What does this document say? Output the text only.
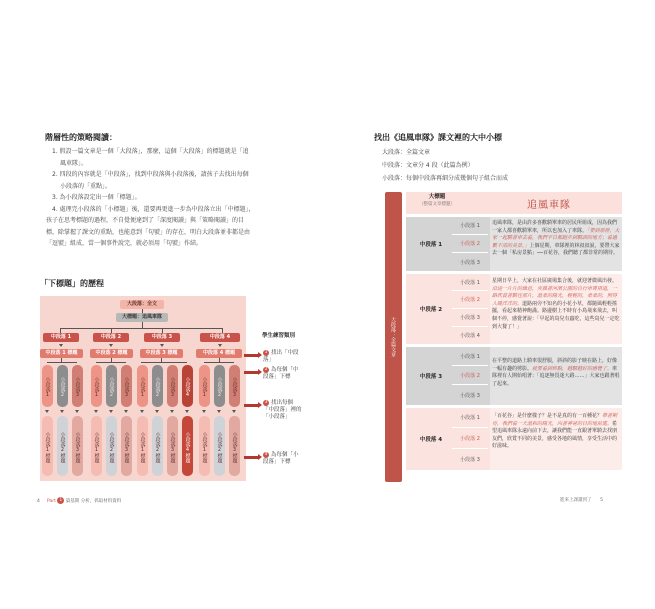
階層性的策略閱讀：
1. 假設一篇文章是一個「大段落」，那麼，這個「大段落」的標題就是「追
風車隊」。
2. 四段的內容就是「中段落」，找到中段落與小段落後，請孩子去找出每個
小段落的「重點」。
3. 為小段落設定出一個「標題」。
4. 處理完小段落的「小標題」後，還要再更進一步為中段落立出「中標題」，
孩子在思考標題的過程，不自覺便達到了「深度閱讀」與「策略閱讀」的目
標，除掌握了課文的重點，也能意到「句號」的存在，明白大段落並非都是由
「逗號」組成，當一個事件說完，就必須用「句號」作結。
「下標題」的歷程
大段落：全文
大標題：追風車隊
中段落 1	中段落 2	中段落 3	中段落 4
中段落 1 標題	中段落 2 標題	中段落 3 標題	中段落 4 標題
小段落1	小段落2	小段落3	小段落1	小段落2	小段落3	小段落1	小段落2	小段落3	小段落4	小段落1	小段落2	小段落3
小段落1標題	小段落2標題	小段落3標題	小段落1標題	小段落2標題	小段落3標題	小段落1標題	小段落2標題	小段落3標題	小段落4標題	小段落1標題	小段落2標題	小段落3標題
學生練習類別
1 找出「中段落」
2 為每個「中段落」下標
3 找出每個「中段落」裡的「小段落」
4 為每個「小段落」下標
4 Part 1 築基期 分析，抓取材料資料
找出《追風車隊》課文裡的大中小標
大段落：全篇文章
中段落：文章分 4 段（此篇為例）
小段落：每個中段落再細分成幾個句子組合而成
大段落：全篇文章
大標題
（整篇文章標題）	追風車隊
中段落 1
小段落 1
小段落 2
小段落 3
追風車隊，是由許多喜歡騎單車的居民所組成，因為我們一家人都喜歡騎單車，所以也加入了車隊。「要到那裡，大家一起騎著車去看，我們平日都跑步到騎訓的地方；看過數不清的美景。」上個星期，車隊裡的林叔叔說，要帶大家去一個「私房景點」──百花谷，我們聽了都非常的期待。
中段落 2
小段落 1
小段落 2
小段落 3
小段落 4
星期日早上，大家在社區廣場集合後，就迎著微風出發。沿途一片片的綠意，夾雜著河濱公園的自行車專用道，一路欣賞著騎往那片，溫柔的陽光，輕輕的，柔柔的，照得人暖洋洋的。道路兩旁不知名的小花小草，都隨風輕輕搖擺，看起來精神飽滿。路邊樹上不時有小鳥飛來飛去，叫個不停，感覺著說：「早起的鳥兒有蟲吃，這些鳥兒一定吃到大餐了！」
中段落 3
小段落 1
小段落 2
小段落 3
在平整的道路上騎車很舒服，斜斜的影子映在路上，好像一幅有趣的剪影。就要看到終點，越騎越好的感覺了。車隊裡有人開始唱著：「追逐無畏迷大路……」大家也跟著唱了起來。
中段落 4
小段落 1
小段落 2
小段落 3
「百花谷」是什麼樣子？是不是真的有一百種花？帶著期待，我們看一天溫和的陽光，向著神祕的目的地前進。希望追風車隊永遠向前下去，讓我們能一直跟著單騎去找朋友們，欣賞不同的美景，感受各地的風情，享受生活中的好滋味。
進來上課讀到了 5
